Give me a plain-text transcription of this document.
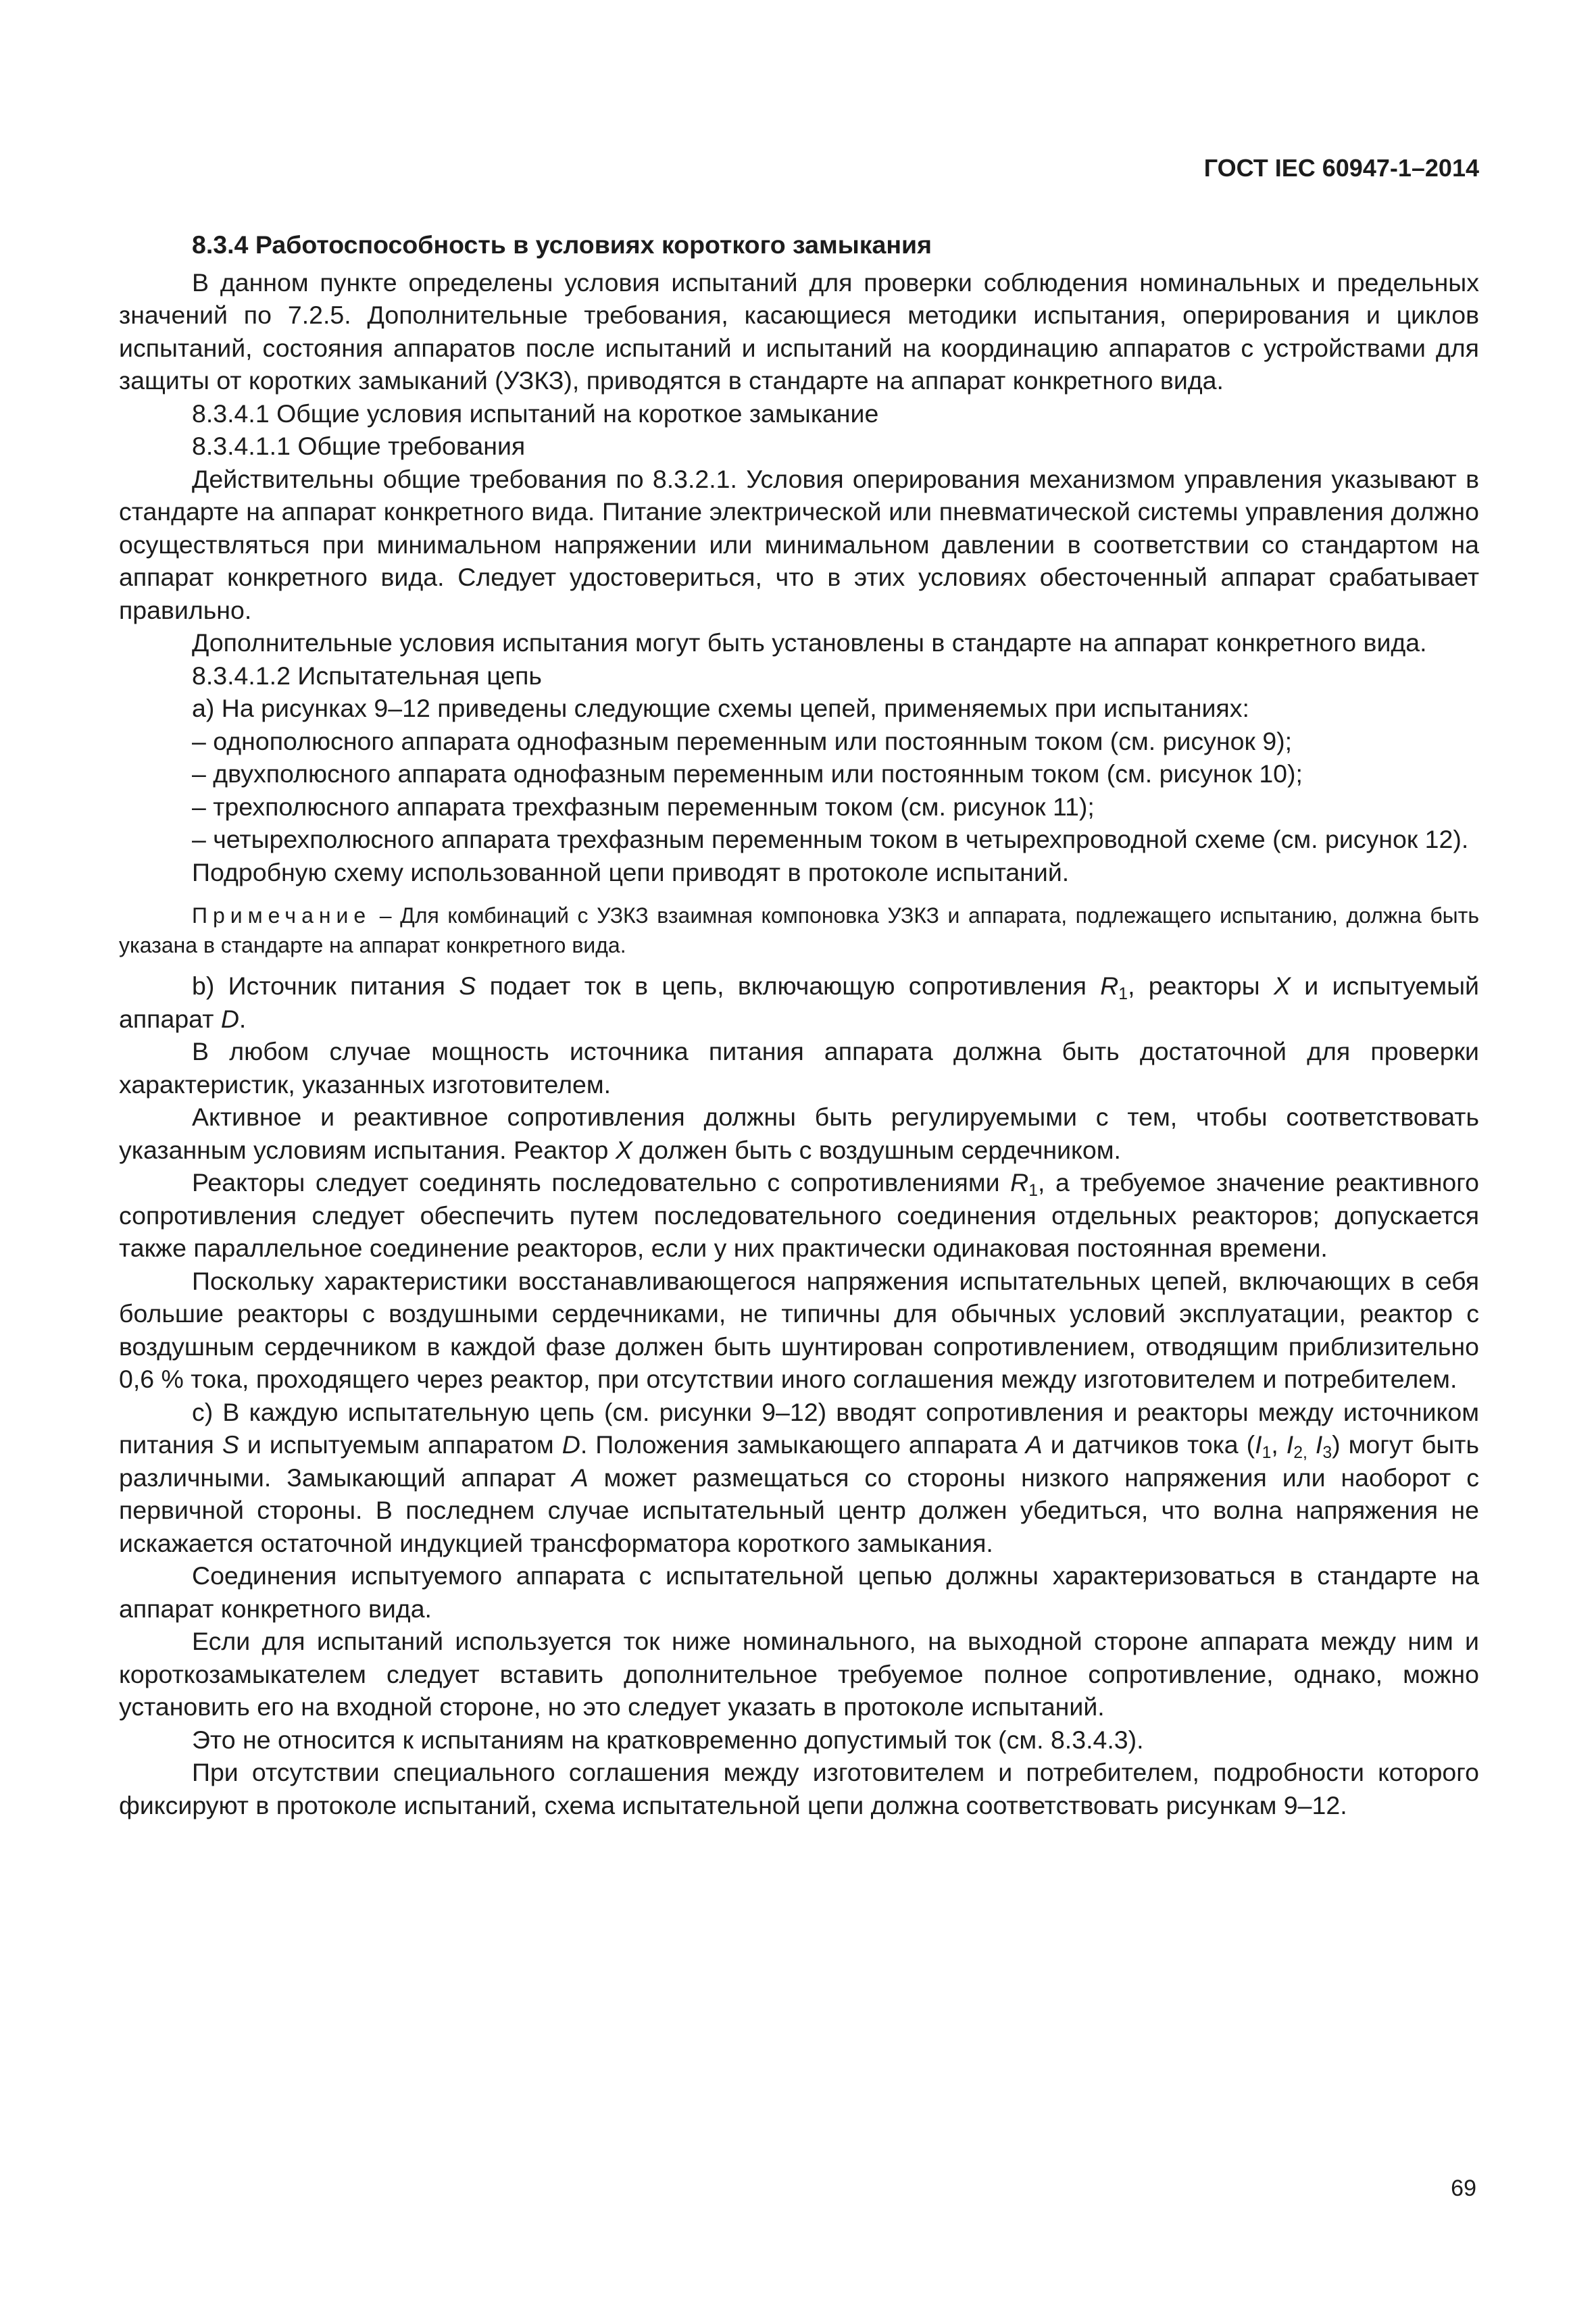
ГОСТ IEC 60947-1–2014

8.3.4 Работоспособность в условиях короткого замыкания

В данном пункте определены условия испытаний для проверки соблюдения номинальных и предельных значений по 7.2.5. Дополнительные требования, касающиеся методики испытания, оперирования и циклов испытаний, состояния аппаратов после испытаний и испытаний на координацию аппаратов с устройствами для защиты от коротких замыканий (УЗКЗ), приводятся в стандарте на аппарат конкретного вида.

8.3.4.1 Общие условия испытаний на короткое замыкание

8.3.4.1.1 Общие требования

Действительны общие требования по 8.3.2.1. Условия оперирования механизмом управления указывают в стандарте на аппарат конкретного вида. Питание электрической или пневматической системы управления должно осуществляться при минимальном напряжении или минимальном давлении в соответствии со стандартом на аппарат конкретного вида. Следует удостовериться, что в этих условиях обесточенный аппарат срабатывает правильно.

Дополнительные условия испытания могут быть установлены в стандарте на аппарат конкретного вида.

8.3.4.1.2 Испытательная цепь

а) На рисунках 9–12 приведены следующие схемы цепей, применяемых при испытаниях:

– однополюсного аппарата однофазным переменным или постоянным током (см. рисунок 9);

– двухполюсного аппарата однофазным переменным или постоянным током (см. рисунок 10);

– трехполюсного аппарата трехфазным переменным током (см. рисунок 11);

– четырехполюсного аппарата трехфазным переменным током в четырехпроводной схеме (см. рисунок 12).

Подробную схему использованной цепи приводят в протоколе испытаний.

Примечание – Для комбинаций с УЗКЗ взаимная компоновка УЗКЗ и аппарата, подлежащего испытанию, должна быть указана в стандарте на аппарат конкретного вида.

b) Источник питания S подает ток в цепь, включающую сопротивления $R_1$, реакторы X и испытуемый аппарат D.

В любом случае мощность источника питания аппарата должна быть достаточной для проверки характеристик, указанных изготовителем.

Активное и реактивное сопротивления должны быть регулируемыми с тем, чтобы соответствовать указанным условиям испытания. Реактор X должен быть с воздушным сердечником.

Реакторы следует соединять последовательно с сопротивлениями $R_1$, а требуемое значение реактивного сопротивления следует обеспечить путем последовательного соединения отдельных реакторов; допускается также параллельное соединение реакторов, если у них практически одинаковая постоянная времени.

Поскольку характеристики восстанавливающегося напряжения испытательных цепей, включающих в себя большие реакторы с воздушными сердечниками, не типичны для обычных условий эксплуатации, реактор с воздушным сердечником в каждой фазе должен быть шунтирован сопротивлением, отводящим приблизительно 0,6 % тока, проходящего через реактор, при отсутствии иного соглашения между изготовителем и потребителем.

с) В каждую испытательную цепь (см. рисунки 9–12) вводят сопротивления и реакторы между источником питания S и испытуемым аппаратом D. Положения замыкающего аппарата A и датчиков тока ($I_1$, $I_{2,}$ $I_3$) могут быть различными. Замыкающий аппарат A может размещаться со стороны низкого напряжения или наоборот с первичной стороны. В последнем случае испытательный центр должен убедиться, что волна напряжения не искажается остаточной индукцией трансформатора короткого замыкания.

Соединения испытуемого аппарата с испытательной цепью должны характеризоваться в стандарте на аппарат конкретного вида.

Если для испытаний используется ток ниже номинального, на выходной стороне аппарата между ним и короткозамыкателем следует вставить дополнительное требуемое полное сопротивление, однако, можно установить его на входной стороне, но это следует указать в протоколе испытаний.

Это не относится к испытаниям на кратковременно допустимый ток (см. 8.3.4.3).

При отсутствии специального соглашения между изготовителем и потребителем, подробности которого фиксируют в протоколе испытаний, схема испытательной цепи должна соответствовать рисункам 9–12.

69
